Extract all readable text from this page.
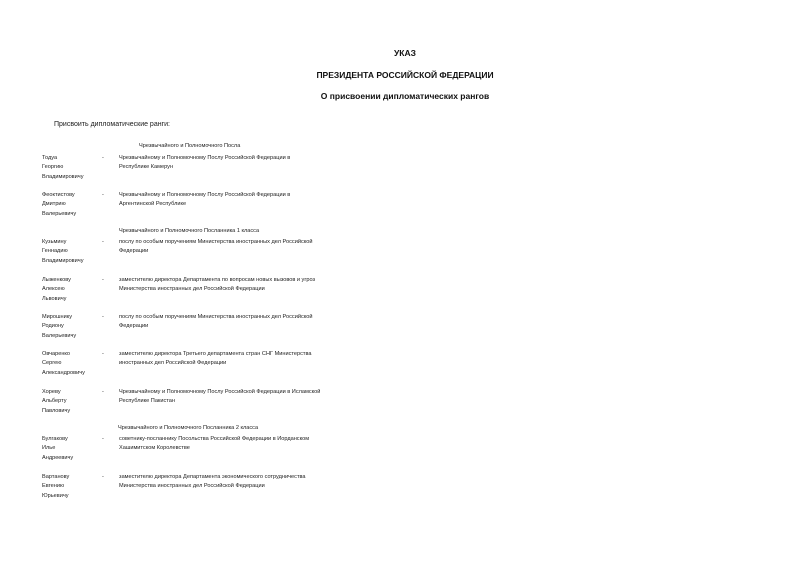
УКАЗ
ПРЕЗИДЕНТА РОССИЙСКОЙ ФЕДЕРАЦИИ
О присвоении дипломатических рангов
Присвоить дипломатические ранги:
Чрезвычайного и Полномочного Посла
Чрезвычайного и Полномочного Посланника 1 класса
Чрезвычайного и Полномочного Посланника 2 класса
Тодуа
Георгию
Владимировичу
-	Чрезвычайному и Полномочному Послу Российской Федерации в
Республике Камерун
Феоктистову
Дмитрию
Валерьевичу
-	Чрезвычайному и Полномочному Послу Российской Федерации в
Аргентинской Республике
Кузьмину
Геннадию
Владимировичу
-	послу по особым поручениям Министерства иностранных дел Российской
Федерации
Лыженкову
Алексею
Львовичу
-	заместителю директора Департамента по вопросам новых вызовов и угроз
Министерства иностранных дел Российской Федерации
Мирошнику
Родиону
Валерьевичу
-	послу по особым поручениям Министерства иностранных дел Российской
Федерации
Овчаренко
Сергею
Александровичу
-	заместителю директора Третьего департамента стран СНГ Министерства
иностранных дел Российской Федерации
Хореву
Альберту
Павловичу
-	Чрезвычайному и Полномочному Послу Российской Федерации в Исламской
Республике Пакистан
Булгакову
Илье
Андреевичу
-	советнику-посланнику Посольства Российской Федерации в Иорданском
Хашимитском Королевстве
Вартанову
Евгению
Юрьевичу
-	заместителю директора Департамента экономического сотрудничества
Министерства иностранных дел Российской Федерации
